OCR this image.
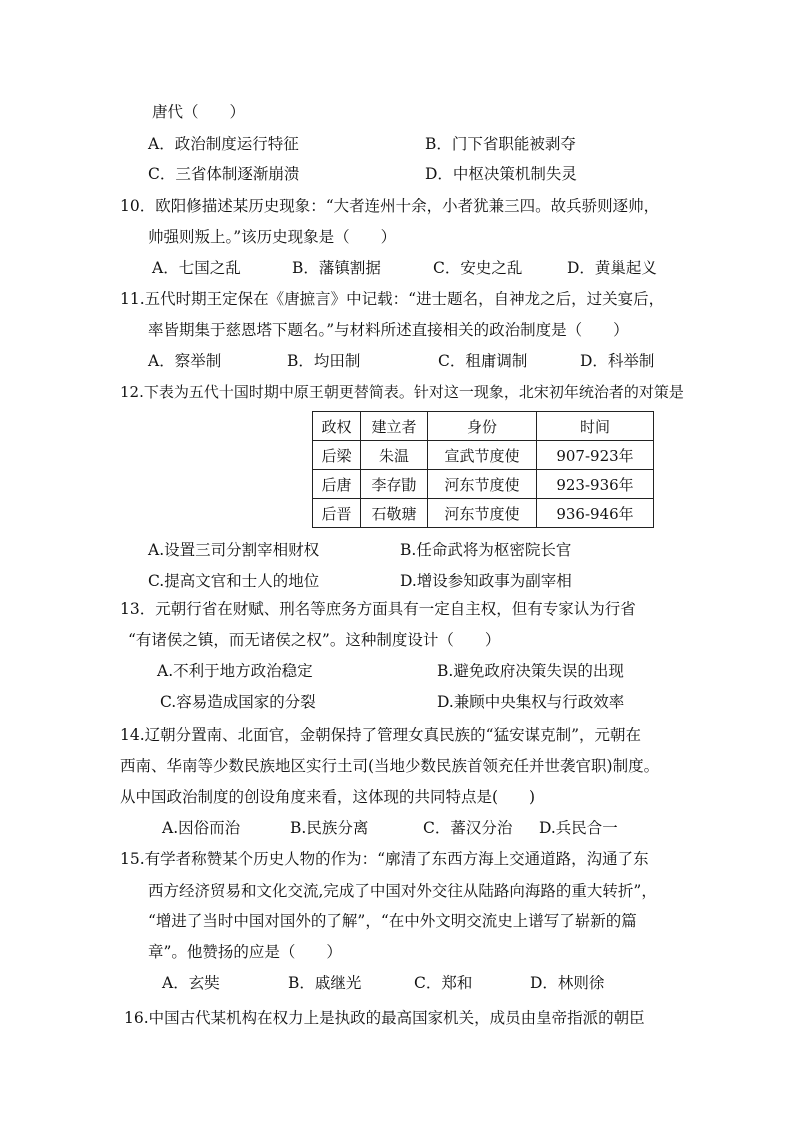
唐代（　　）
A．政治制度运行特征	B．门下省职能被剥夺
C．三省体制逐渐崩溃	D．中枢决策机制失灵
10．欧阳修描述某历史现象：“大者连州十余，小者犹兼三四。故兵骄则逐帅，
帅强则叛上。”该历史现象是（　　）
A．七国之乱	B．藩镇割据	C．安史之乱	D．黄巢起义
11.五代时期王定保在《唐摭言》中记载：“进士题名，自神龙之后，过关宴后，
率皆期集于慈恩塔下题名。”与材料所述直接相关的政治制度是（　　）
A．察举制	B．均田制	C．租庸调制	D．科举制
12.下表为五代十国时期中原王朝更替简表。针对这一现象，北宋初年统治者的对策是
政权	建立者	身份	时间
后梁	朱温	宣武节度使	907-923年
后唐	李存勖	河东节度使	923-936年
后晋	石敬瑭	河东节度使	936-946年
A.设置三司分割宰相财权	B.任命武将为枢密院长官
C.提高文官和士人的地位	D.增设参知政事为副宰相
13．元朝行省在财赋、刑名等庶务方面具有一定自主权，但有专家认为行省
“有诸侯之镇，而无诸侯之权”。这种制度设计（　　）
A.不利于地方政治稳定	B.避免政府决策失误的出现
C.容易造成国家的分裂	D.兼顾中央集权与行政效率
14.辽朝分置南、北面官，金朝保持了管理女真民族的“猛安谋克制”，元朝在
西南、华南等少数民族地区实行土司(当地少数民族首领充任并世袭官职)制度。
从中国政治制度的创设角度来看，这体现的共同特点是(　　)
A.因俗而治	B.民族分离	C．蕃汉分治 D.兵民合一
15.有学者称赞某个历史人物的作为：“廓清了东西方海上交通道路，沟通了东
西方经济贸易和文化交流,完成了中国对外交往从陆路向海路的重大转折”，
“增进了当时中国对国外的了解”，“在中外文明交流史上谱写了崭新的篇
章”。他赞扬的应是（　　）
A．玄奘	B．戚继光	C．郑和	D．林则徐
16.中国古代某机构在权力上是执政的最高国家机关，成员由皇帝指派的朝臣
